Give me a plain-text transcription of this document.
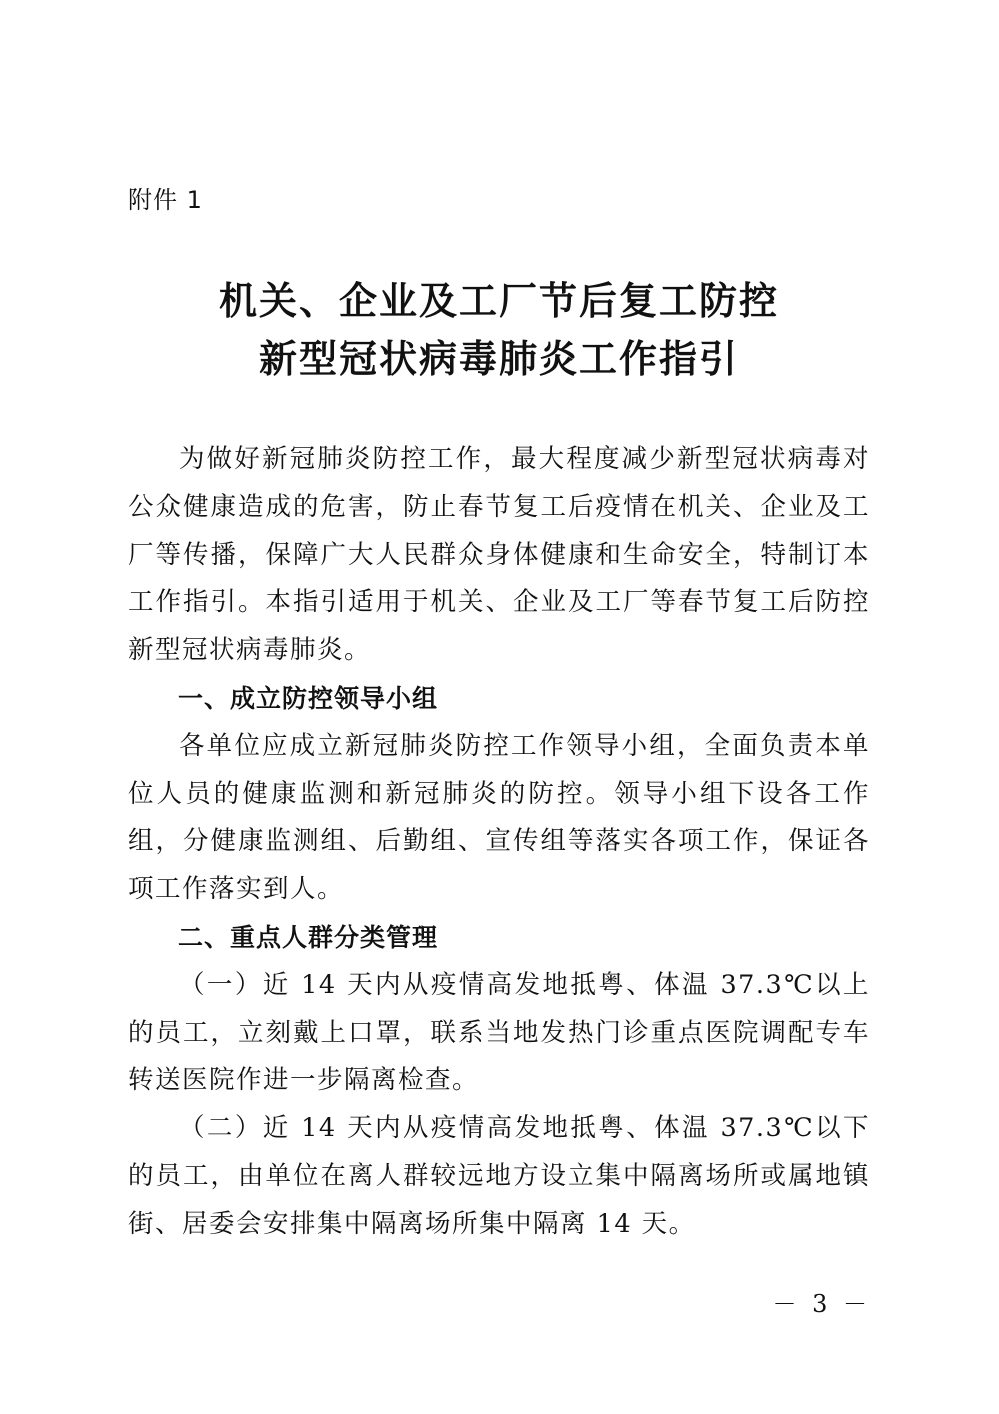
附件 1
机关、企业及工厂节后复工防控
新型冠状病毒肺炎工作指引

为做好新冠肺炎防控工作，最大程度减少新型冠状病毒对公众健康造成的危害，防止春节复工后疫情在机关、企业及工厂等传播，保障广大人民群众身体健康和生命安全，特制订本工作指引。本指引适用于机关、企业及工厂等春节复工后防控新型冠状病毒肺炎。

一、成立防控领导小组

各单位应成立新冠肺炎防控工作领导小组，全面负责本单位人员的健康监测和新冠肺炎的防控。领导小组下设各工作组，分健康监测组、后勤组、宣传组等落实各项工作，保证各项工作落实到人。

二、重点人群分类管理

（一）近 14 天内从疫情高发地抵粤、体温 37.3℃以上的员工，立刻戴上口罩，联系当地发热门诊重点医院调配专车转送医院作进一步隔离检查。

（二）近 14 天内从疫情高发地抵粤、体温 37.3℃以下的员工，由单位在离人群较远地方设立集中隔离场所或属地镇街、居委会安排集中隔离场所集中隔离 14 天。

－ 3 －
